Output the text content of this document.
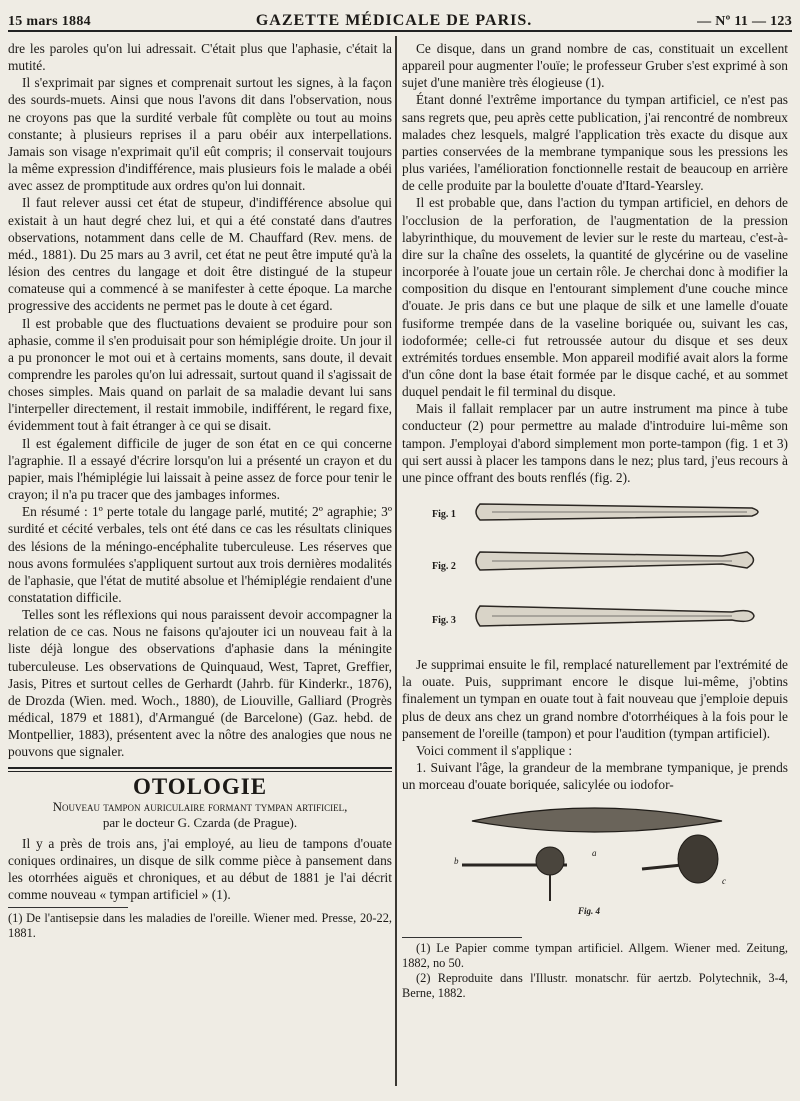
15 mars 1884	GAZETTE MÉDICALE DE PARIS.	— Nº 11 — 123

dre les paroles qu'on lui adressait. C'était plus que l'aphasie, c'était la mutité.

Il s'exprimait par signes et comprenait surtout les signes, à la façon des sourds-muets. Ainsi que nous l'avons dit dans l'observation, nous ne croyons pas que la surdité verbale fût complète ou tout au moins constante; à plusieurs reprises il a paru obéir aux interpellations. Jamais son visage n'exprimait qu'il eût compris; il conservait toujours la même expression d'indifférence, mais plusieurs fois le malade a obéi avec assez de promptitude aux ordres qu'on lui donnait.

Il faut relever aussi cet état de stupeur, d'indifférence absolue qui existait à un haut degré chez lui, et qui a été constaté dans d'autres observations, notamment dans celle de M. Chauffard (Rev. mens. de méd., 1881). Du 25 mars au 3 avril, cet état ne peut être imputé qu'à la lésion des centres du langage et doit être distingué de la stupeur comateuse qui a commencé à se manifester à cette époque. La marche progressive des accidents ne permet pas le doute à cet égard.

Il est probable que des fluctuations devaient se produire pour son aphasie, comme il s'en produisait pour son hémiplégie droite. Un jour il a pu prononcer le mot oui et à certains moments, sans doute, il devait comprendre les paroles qu'on lui adressait, surtout quand il s'agissait de choses simples. Mais quand on parlait de sa maladie devant lui sans l'interpeller directement, il restait immobile, indifférent, le regard fixe, évidemment tout à fait étranger à ce qui se disait.

Il est également difficile de juger de son état en ce qui concerne l'agraphie. Il a essayé d'écrire lorsqu'on lui a présenté un crayon et du papier, mais l'hémiplégie lui laissait à peine assez de force pour tenir le crayon; il n'a pu tracer que des jambages informes.

En résumé : 1º perte totale du langage parlé, mutité; 2º agraphie; 3º surdité et cécité verbales, tels ont été dans ce cas les résultats cliniques des lésions de la méningo-encéphalite tuberculeuse. Les réserves que nous avons formulées s'appliquent surtout aux trois dernières modalités de l'aphasie, que l'état de mutité absolue et l'hémiplégie rendaient d'une constatation difficile.

Telles sont les réflexions qui nous paraissent devoir accompagner la relation de ce cas. Nous ne faisons qu'ajouter ici un nouveau fait à la liste déjà longue des observations d'aphasie dans la méningite tuberculeuse. Les observations de Quinquaud, West, Tapret, Greffier, Jasis, Pitres et surtout celles de Gerhardt (Jahrb. für Kinderkr., 1876), de Drozda (Wien. med. Woch., 1880), de Liouville, Galliard (Progrès médical, 1879 et 1881), d'Armangué (de Barcelone) (Gaz. hebd. de Montpellier, 1883), présentent avec la nôtre des analogies que nous ne pouvons que signaler.

OTOLOGIE
Nouveau tampon auriculaire formant tympan artificiel,
par le docteur G. Czarda (de Prague).

Il y a près de trois ans, j'ai employé, au lieu de tampons d'ouate coniques ordinaires, un disque de silk comme pièce à pansement dans les otorrhées aiguës et chroniques, et au début de 1881 je l'ai décrit comme nouveau « tympan artificiel » (1).

(1) De l'antisepsie dans les maladies de l'oreille. Wiener med. Presse, 20-22, 1881.

Ce disque, dans un grand nombre de cas, constituait un excellent appareil pour augmenter l'ouïe; le professeur Gruber s'est exprimé à son sujet d'une manière très élogieuse (1).

Étant donné l'extrême importance du tympan artificiel, ce n'est pas sans regrets que, peu après cette publication, j'ai rencontré de nombreux malades chez lesquels, malgré l'application très exacte du disque aux parties conservées de la membrane tympanique sous les pressions les plus variées, l'amélioration fonctionnelle restait de beaucoup en arrière de celle produite par la boulette d'ouate d'Itard-Yearsley.

Il est probable que, dans l'action du tympan artificiel, en dehors de l'occlusion de la perforation, de l'augmentation de la pression labyrinthique, du mouvement de levier sur le reste du marteau, c'est-à-dire sur la chaîne des osselets, la quantité de glycérine ou de vaseline incorporée à l'ouate joue un certain rôle. Je cherchai donc à modifier la composition du disque en l'entourant simplement d'une couche mince d'ouate. Je pris dans ce but une plaque de silk et une lamelle d'ouate fusiforme trempée dans de la vaseline boriquée ou, suivant les cas, iodoformée; celle-ci fut retroussée autour du disque et ses deux extrémités tordues ensemble. Mon appareil modifié avait alors la forme d'un cône dont la base était formée par le disque caché, et au sommet duquel pendait le fil terminal du disque.

Mais il fallait remplacer par un autre instrument ma pince à tube conducteur (2) pour permettre au malade d'introduire lui-même son tampon. J'employai d'abord simplement mon porte-tampon (fig. 1 et 3) qui sert aussi à placer les tampons dans le nez; plus tard, j'eus recours à une pince offrant des bouts renflés (fig. 2).

Fig. 1
Fig. 2
Fig. 3

Je supprimai ensuite le fil, remplacé naturellement par l'extrémité de la ouate. Puis, supprimant encore le disque lui-même, j'obtins finalement un tympan en ouate tout à fait nouveau que j'emploie depuis plus de deux ans chez un grand nombre d'otorrhéiques à la fois pour le pansement de l'oreille (tampon) et pour l'audition (tympan artificiel).

Voici comment il s'applique :

1. Suivant l'âge, la grandeur de la membrane tympanique, je prends un morceau d'ouate boriquée, salicylée ou iodofor-

a
b
c
Fig. 4

(1) Le Papier comme tympan artificiel. Allgem. Wiener med. Zeitung, 1882, no 50.

(2) Reproduite dans l'Illustr. monatschr. für aertzb. Polytechnik, 3-4, Berne, 1882.
